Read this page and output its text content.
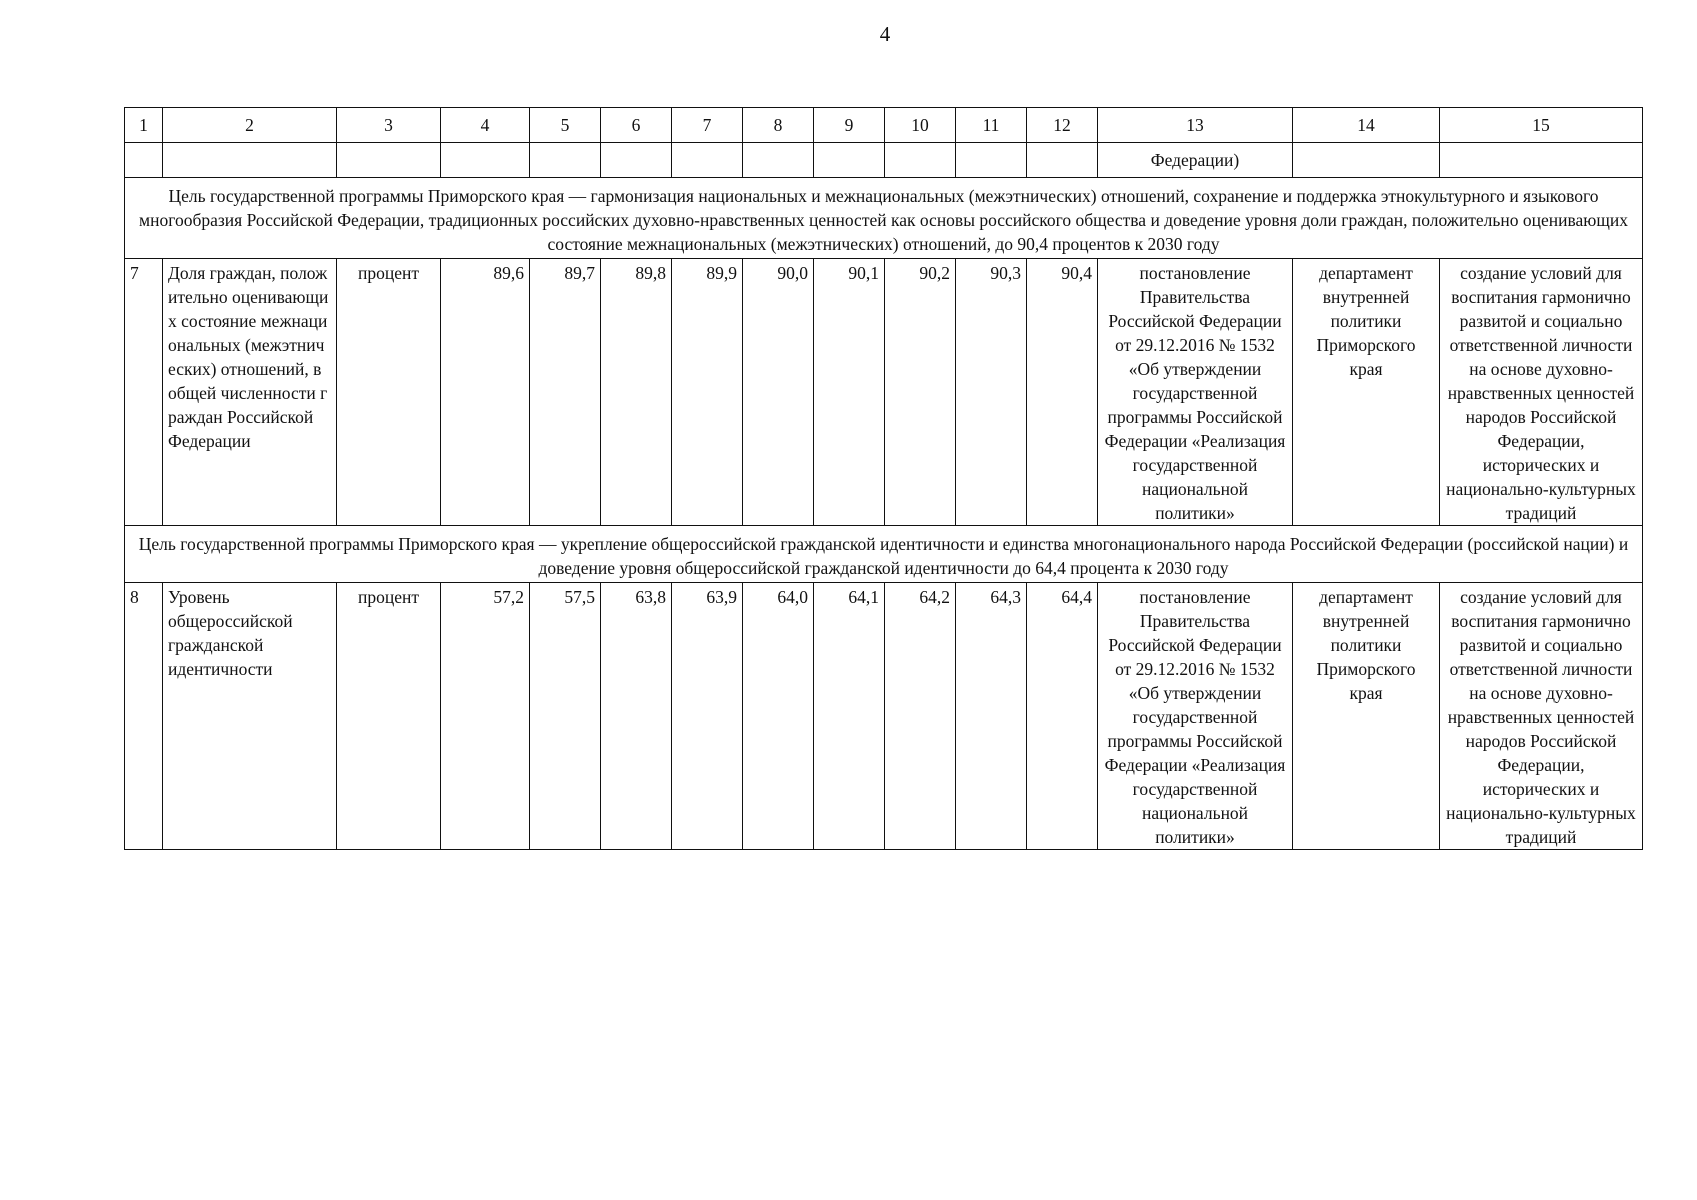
4
1	2	3	4	5	6	7	8	9	10	11	12	13	14	15
												Федерации)		
Цель государственной программы Приморского края — гармонизация национальных и межнациональных (межэтнических) отношений, сохранение и поддержка этнокультурного и языкового многообразия Российской Федерации, традиционных российских духовно-нравственных ценностей как основы российского общества и доведение уровня доли граждан, положительно оценивающих состояние межнациональных (межэтнических) отношений, до 90,4 процентов к 2030 году														
7	Доля граждан, положительно оценивающих состояние межнациональных (межэтнических) отношений, в общей численности граждан Российской Федерации	процент	89,6	89,7	89,8	89,9	90,0	90,1	90,2	90,3	90,4	постановление Правительства Российской Федерации от 29.12.2016 № 1532 «Об утверждении государственной программы Российской Федерации «Реализация государственной национальной политики»	департамент внутренней политики Приморского края	создание условий для воспитания гармонично развитой и социально ответственной личности на основе духовно-нравственных ценностей народов Российской Федерации, исторических и национально-культурных традиций
Цель государственной программы Приморского края — укрепление общероссийской гражданской идентичности и единства многонационального народа Российской Федерации (российской нации) и доведение уровня общероссийской гражданской идентичности до 64,4 процента к 2030 году														
8	Уровень общероссийской гражданской идентичности	процент	57,2	57,5	63,8	63,9	64,0	64,1	64,2	64,3	64,4	постановление Правительства Российской Федерации от 29.12.2016 № 1532 «Об утверждении государственной программы Российской Федерации «Реализация государственной национальной политики»	департамент внутренней политики Приморского края	создание условий для воспитания гармонично развитой и социально ответственной личности на основе духовно-нравственных ценностей народов Российской Федерации, исторических и национально-культурных традиций
